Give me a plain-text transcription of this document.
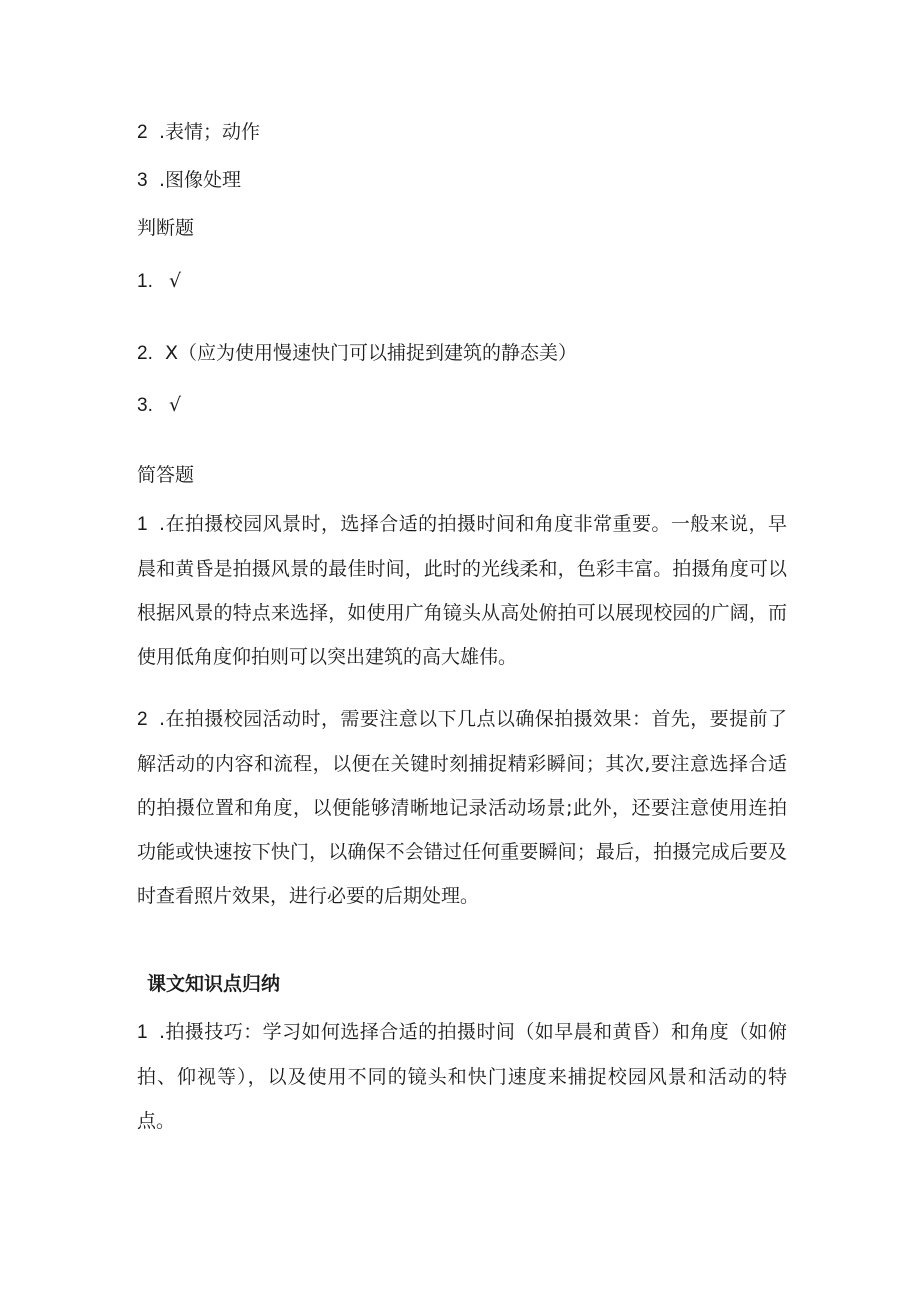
2 .表情；动作
3 .图像处理
判断题
1. √
2. X（应为使用慢速快门可以捕捉到建筑的静态美）
3. √
简答题
1 .在拍摄校园风景时，选择合适的拍摄时间和角度非常重要。一般来说，早晨和黄昏是拍摄风景的最佳时间，此时的光线柔和，色彩丰富。拍摄角度可以根据风景的特点来选择，如使用广角镜头从高处俯拍可以展现校园的广阔，而使用低角度仰拍则可以突出建筑的高大雄伟。
2 .在拍摄校园活动时，需要注意以下几点以确保拍摄效果：首先，要提前了解活动的内容和流程，以便在关键时刻捕捉精彩瞬间；其次,要注意选择合适的拍摄位置和角度，以便能够清晰地记录活动场景;此外，还要注意使用连拍功能或快速按下快门，以确保不会错过任何重要瞬间；最后，拍摄完成后要及时查看照片效果，进行必要的后期处理。
课文知识点归纳
1 .拍摄技巧：学习如何选择合适的拍摄时间（如早晨和黄昏）和角度（如俯拍、仰视等），以及使用不同的镜头和快门速度来捕捉校园风景和活动的特点。
